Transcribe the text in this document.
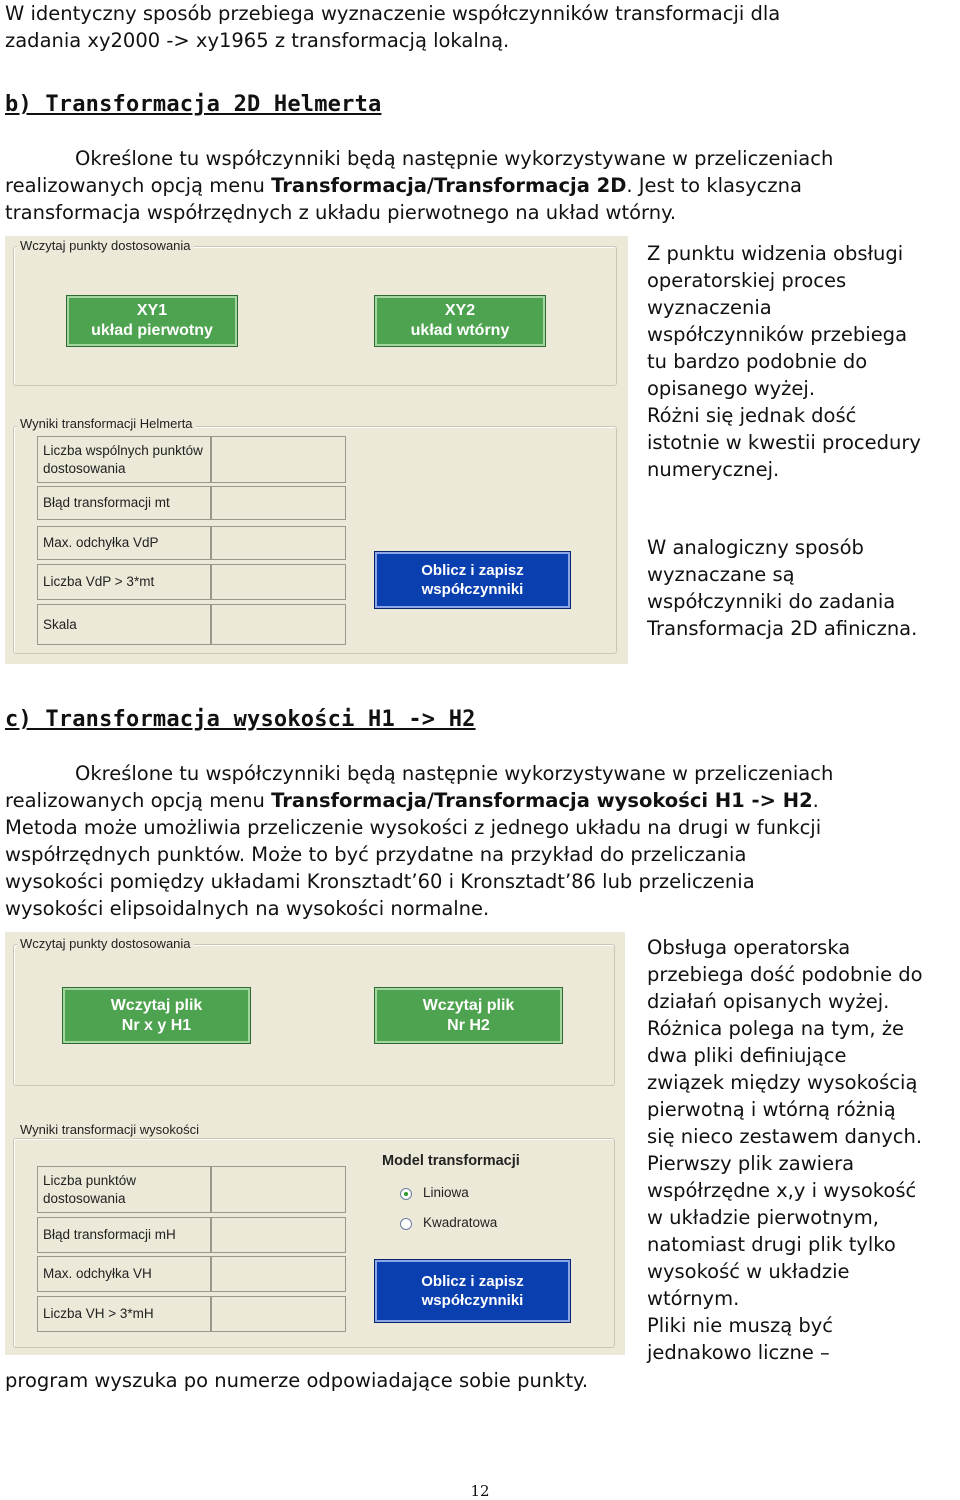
W identyczny sposób przebiega wyznaczenie współczynników transformacji dla
zadania xy2000 -> xy1965 z transformacją lokalną.
b) Transformacja 2D Helmerta
Określone tu współczynniki będą następnie wykorzystywane w przeliczeniach
realizowanych opcją menu Transformacja/Transformacja 2D. Jest to klasyczna
transformacja współrzędnych z układu pierwotnego na układ wtórny.
Wczytaj punkty dostosowania
XY1
układ pierwotny
XY2
układ wtórny
Wyniki transformacji Helmerta
Liczba wspólnych punktów dostosowania
Błąd transformacji mt
Max. odchyłka VdP
Liczba VdP > 3*mt
Skala
Oblicz i zapisz
współczynniki
Z punktu widzenia obsługi
operatorskiej proces
wyznaczenia
współczynników przebiega
tu bardzo podobnie do
opisanego wyżej.
Różni się jednak dość
istotnie w kwestii procedury
numerycznej.
W analogiczny sposób
wyznaczane są
współczynniki do zadania
Transformacja 2D afiniczna.
c) Transformacja wysokości H1 -> H2
Określone tu współczynniki będą następnie wykorzystywane w przeliczeniach
realizowanych opcją menu Transformacja/Transformacja wysokości H1 -> H2.
Metoda może umożliwia przeliczenie wysokości z jednego układu na drugi w funkcji
współrzędnych punktów. Może to być przydatne na przykład do przeliczania
wysokości pomiędzy układami Kronsztadt’60 i Kronsztadt’86 lub przeliczenia
wysokości elipsoidalnych na wysokości normalne.
Wczytaj punkty dostosowania
Wczytaj plik
Nr x y H1
Wczytaj plik
Nr H2
Wyniki transformacji wysokości
Liczba punktów dostosowania
Błąd transformacji mH
Max. odchyłka VH
Liczba VH > 3*mH
Model transformacji
Liniowa
Kwadratowa
Oblicz i zapisz
współczynniki
Obsługa operatorska
przebiega dość podobnie do
działań opisanych wyżej.
Różnica polega na tym, że
dwa pliki definiujące
związek między wysokością
pierwotną i wtórną różnią
się nieco zestawem danych.
Pierwszy plik zawiera
współrzędne x,y i wysokość
w układzie pierwotnym,
natomiast drugi plik tylko
wysokość w układzie
wtórnym.
Pliki nie muszą być
jednakowo liczne –
program wyszuka po numerze odpowiadające sobie punkty.
12
